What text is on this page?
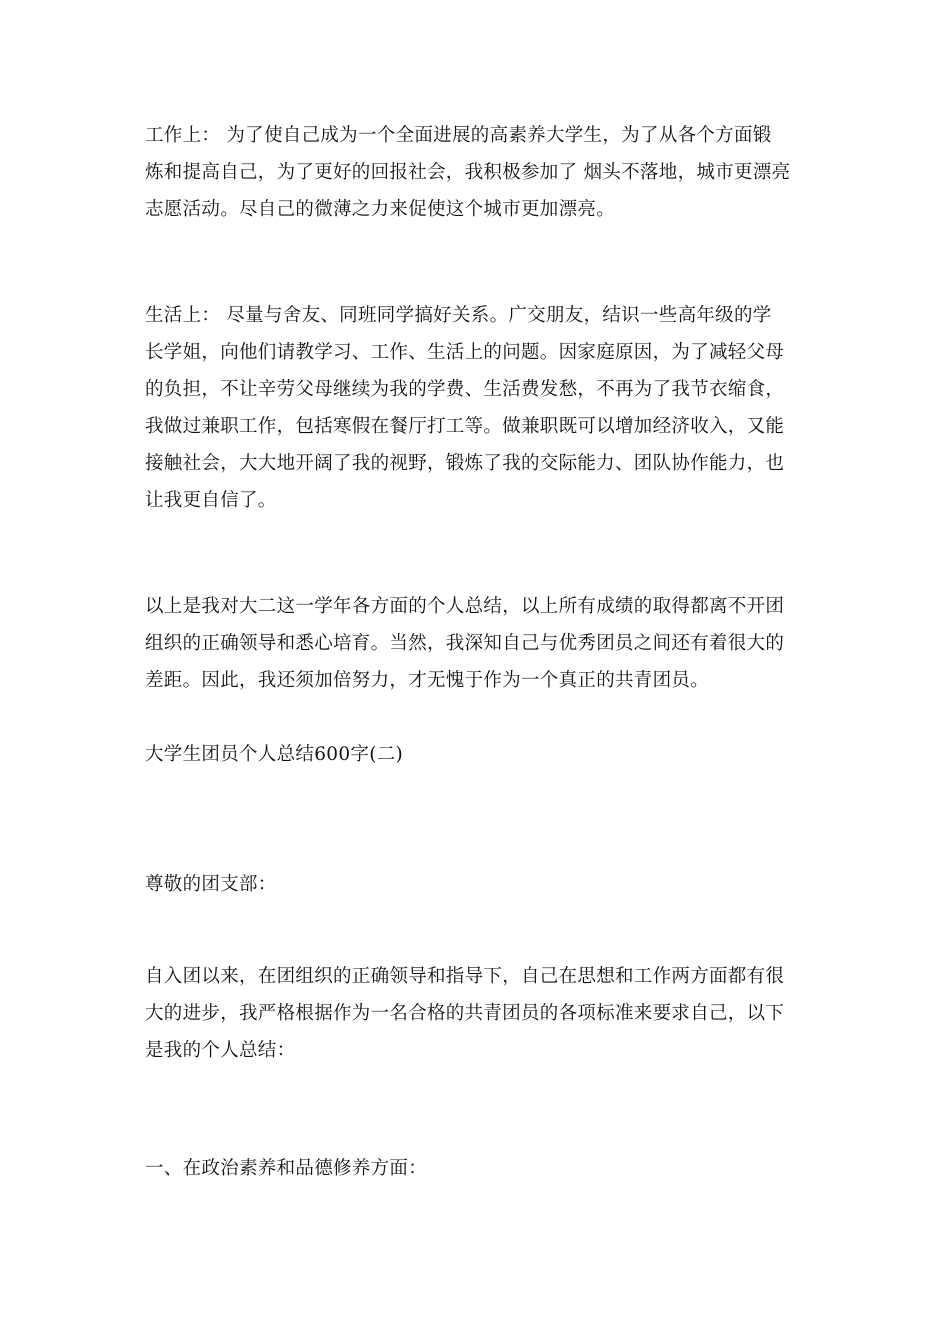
工作上： 为了使自己成为一个全面进展的高素养大学生，为了从各个方面锻
炼和提高自己，为了更好的回报社会，我积极参加了 烟头不落地，城市更漂亮
志愿活动。尽自己的微薄之力来促使这个城市更加漂亮。

生活上： 尽量与舍友、同班同学搞好关系。广交朋友，结识一些高年级的学
长学姐，向他们请教学习、工作、生活上的问题。因家庭原因，为了减轻父母
的负担，不让辛劳父母继续为我的学费、生活费发愁，不再为了我节衣缩食，
我做过兼职工作，包括寒假在餐厅打工等。做兼职既可以增加经济收入，又能
接触社会，大大地开阔了我的视野，锻炼了我的交际能力、团队协作能力，也
让我更自信了。

以上是我对大二这一学年各方面的个人总结，以上所有成绩的取得都离不开团
组织的正确领导和悉心培育。当然，我深知自己与优秀团员之间还有着很大的
差距。因此，我还须加倍努力，才无愧于作为一个真正的共青团员。

大学生团员个人总结600字(二)

尊敬的团支部：

自入团以来，在团组织的正确领导和指导下，自己在思想和工作两方面都有很
大的进步，我严格根据作为一名合格的共青团员的各项标准来要求自己，以下
是我的个人总结：

一、在政治素养和品德修养方面：
